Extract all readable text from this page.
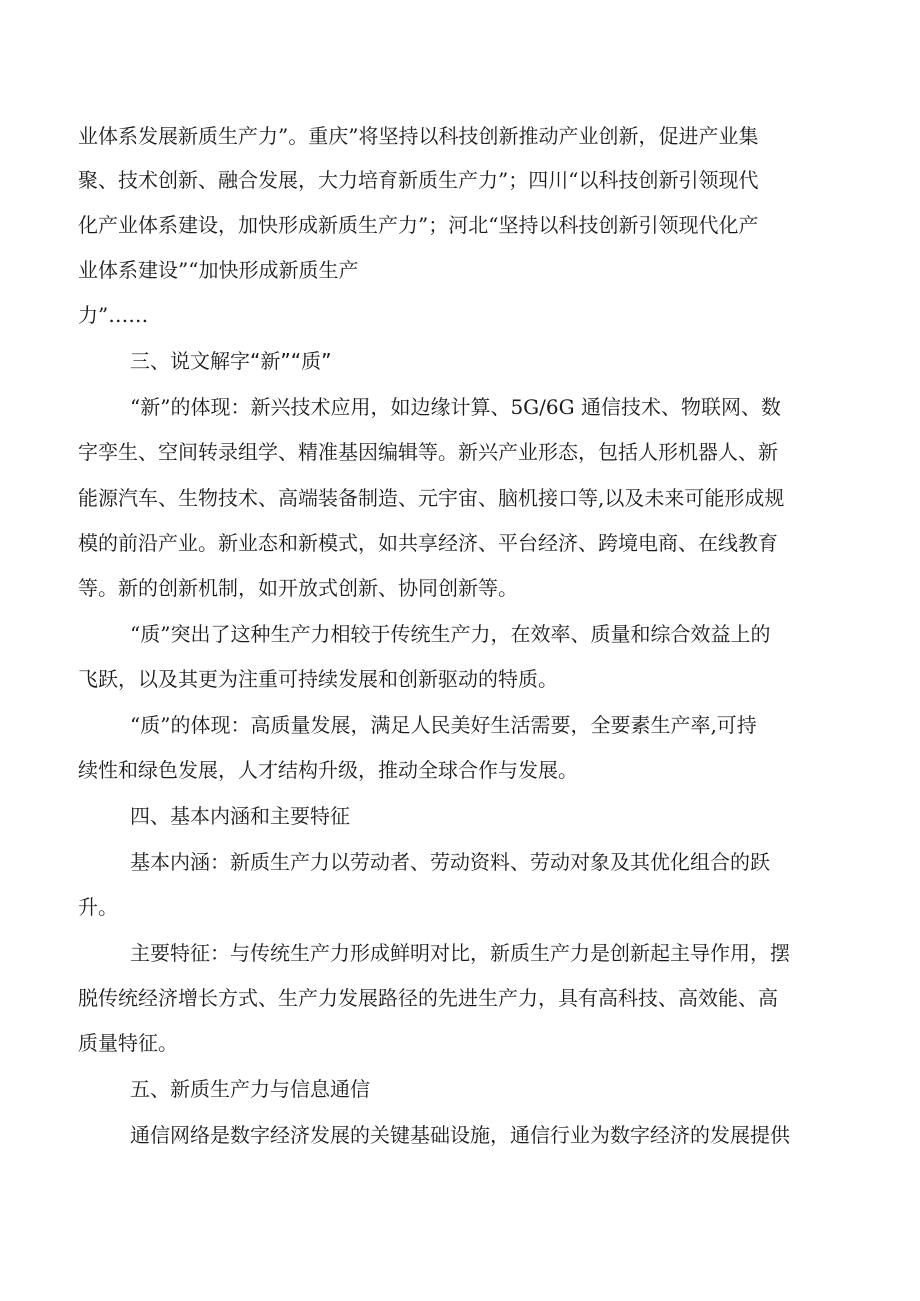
业体系发展新质生产力”。重庆”将坚持以科技创新推动产业创新，促进产业集
聚、技术创新、融合发展，大力培育新质生产力”；四川“以科技创新引领现代
化产业体系建设，加快形成新质生产力”；河北“坚持以科技创新引领现代化产
业体系建设”“加快形成新质生产
力”……
三、说文解字“新”“质”
“新”的体现：新兴技术应用，如边缘计算、5G/6G 通信技术、物联网、数
字孪生、空间转录组学、精准基因编辑等。新兴产业形态，包括人形机器人、新
能源汽车、生物技术、高端装备制造、元宇宙、脑机接口等,以及未来可能形成规
模的前沿产业。新业态和新模式，如共享经济、平台经济、跨境电商、在线教育
等。新的创新机制，如开放式创新、协同创新等。
“质”突出了这种生产力相较于传统生产力，在效率、质量和综合效益上的
飞跃，以及其更为注重可持续发展和创新驱动的特质。
“质”的体现：高质量发展，满足人民美好生活需要，全要素生产率,可持
续性和绿色发展，人才结构升级，推动全球合作与发展。
四、基本内涵和主要特征
基本内涵：新质生产力以劳动者、劳动资料、劳动对象及其优化组合的跃
升。
主要特征：与传统生产力形成鲜明对比，新质生产力是创新起主导作用，摆
脱传统经济增长方式、生产力发展路径的先进生产力，具有高科技、高效能、高
质量特征。
五、新质生产力与信息通信
通信网络是数字经济发展的关键基础设施，通信行业为数字经济的发展提供
